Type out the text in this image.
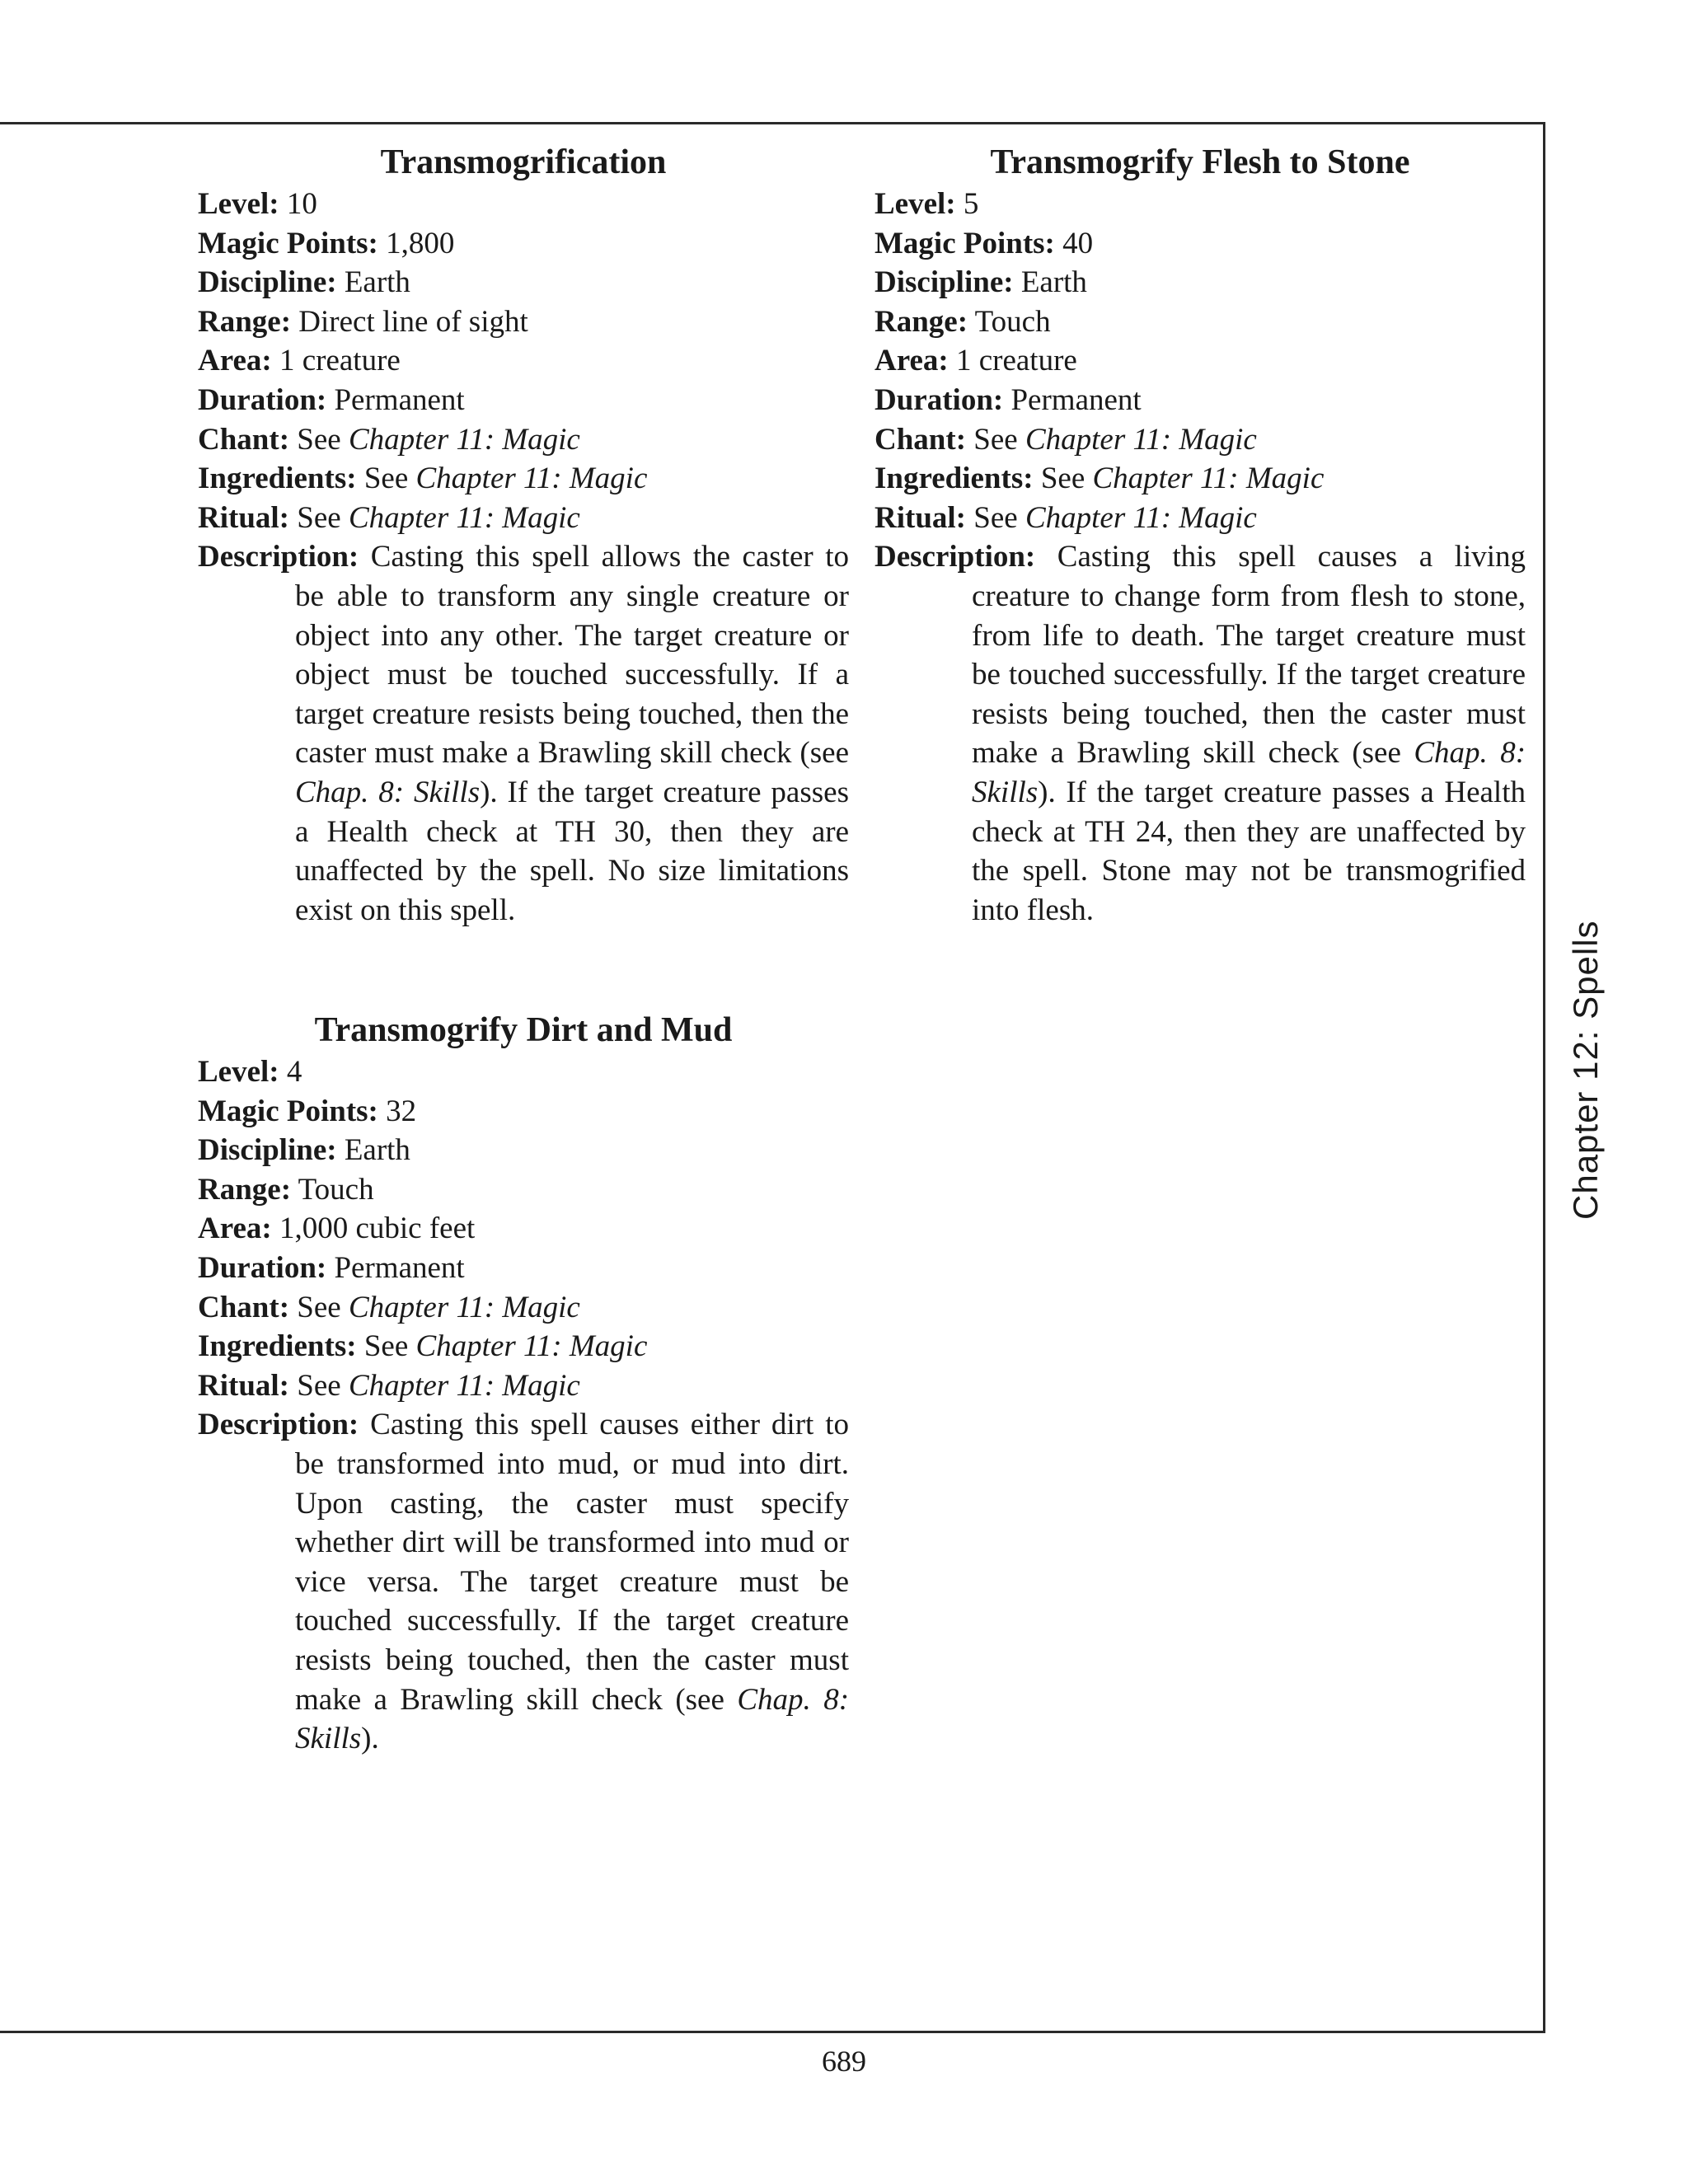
Transmogrification

Level: 10

Magic Points: 1,800

Discipline: Earth

Range: Direct line of sight

Area: 1 creature

Duration: Permanent

Chant: See Chapter 11: Magic

Ingredients: See Chapter 11: Magic

Ritual: See Chapter 11: Magic

Description: Casting this spell allows the caster to be able to transform any single creature or object into any other. The target creature or object must be touched successfully. If a target creature resists being touched, then the caster must make a Brawling skill check (see Chap. 8: Skills). If the target creature passes a Health check at TH 30, then they are unaffected by the spell. No size limitations exist on this spell.

Transmogrify Flesh to Stone

Level: 5

Magic Points: 40

Discipline: Earth

Range: Touch

Area: 1 creature

Duration: Permanent

Chant: See Chapter 11: Magic

Ingredients: See Chapter 11: Magic

Ritual: See Chapter 11: Magic

Description: Casting this spell causes a living creature to change form from flesh to stone, from life to death. The target creature must be touched successfully. If the target creature resists being touched, then the caster must make a Brawling skill check (see Chap. 8: Skills). If the target creature passes a Health check at TH 24, then they are unaffected by the spell. Stone may not be transmogrified into flesh.

Transmogrify Dirt and Mud

Level: 4

Magic Points: 32

Discipline: Earth

Range: Touch

Area: 1,000 cubic feet

Duration: Permanent

Chant: See Chapter 11: Magic

Ingredients: See Chapter 11: Magic

Ritual: See Chapter 11: Magic

Description: Casting this spell causes either dirt to be transformed into mud, or mud into dirt. Upon casting, the caster must specify whether dirt will be transformed into mud or vice versa. The target creature must be touched successfully. If the target creature resists being touched, then the caster must make a Brawling skill check (see Chap. 8: Skills).

Chapter 12: Spells
689
